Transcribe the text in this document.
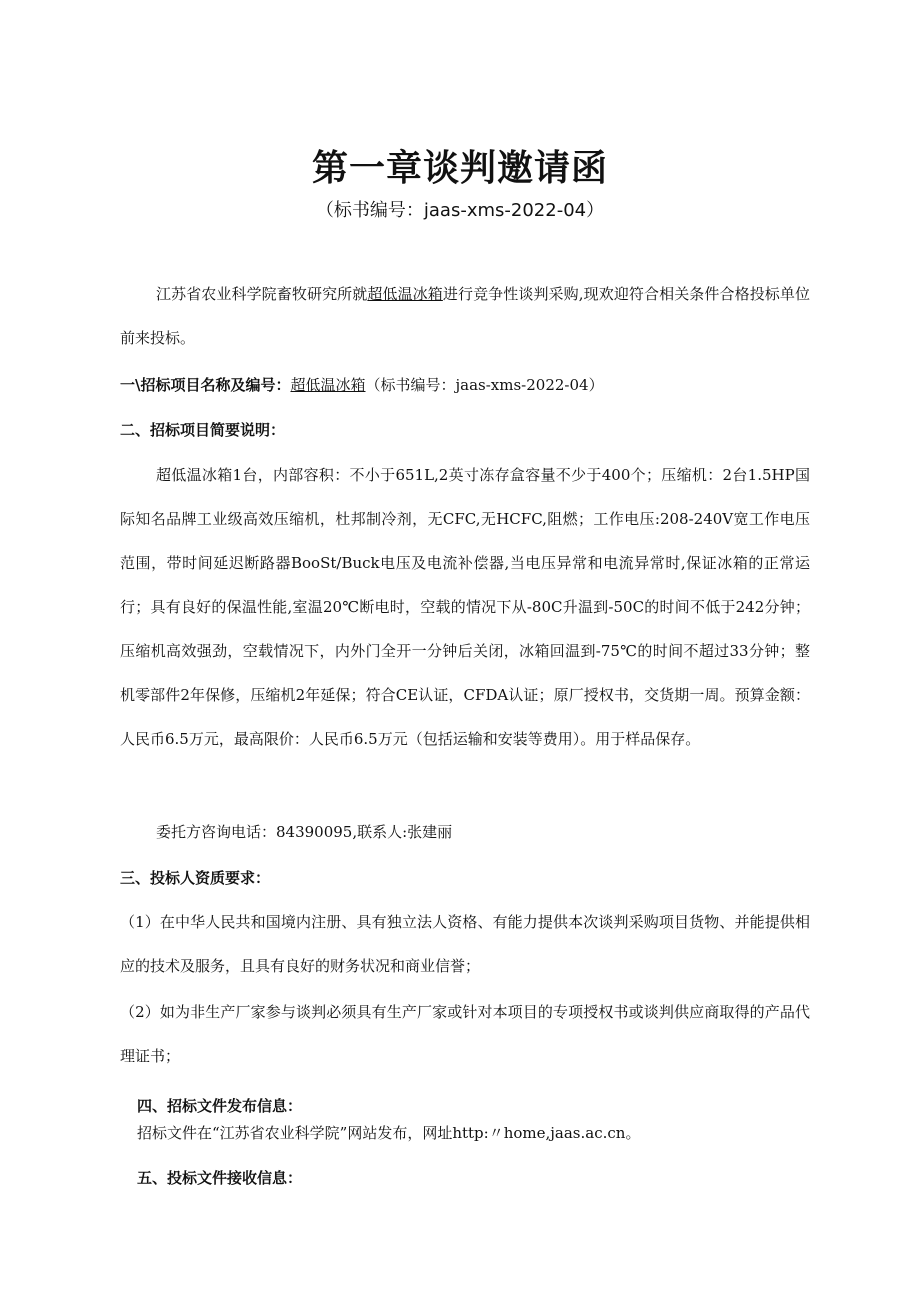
第一章谈判邀请函
（标书编号：jaas-xms-2022-04）
江苏省农业科学院畜牧研究所就超低温冰箱进行竞争性谈判采购,现欢迎符合相关条件合格投标单位前来投标。
一\招标项目名称及编号：超低温冰箱（标书编号：jaas-xms-2022-04）
二、招标项目简要说明：
超低温冰箱1台，内部容积：不小于651L,2英寸冻存盒容量不少于400个；压缩机：2台1.5HP国际知名品牌工业级高效压缩机，杜邦制冷剂，无CFC,无HCFC,阻燃；工作电压:208-240V宽工作电压范围，带时间延迟断路器BooSt/Buck电压及电流补偿器,当电压异常和电流异常时,保证冰箱的正常运行；具有良好的保温性能,室温20℃断电时，空载的情况下从-80C升温到-50C的时间不低于242分钟；压缩机高效强劲，空载情况下，内外门全开一分钟后关闭，冰箱回温到-75℃的时间不超过33分钟；整机零部件2年保修，压缩机2年延保；符合CE认证，CFDA认证；原厂授权书，交货期一周。预算金额：人民币6.5万元，最高限价：人民币6.5万元（包括运输和安装等费用）。用于样品保存。
委托方咨询电话：84390095,联系人:张建丽
三、投标人资质要求：
（1）在中华人民共和国境内注册、具有独立法人资格、有能力提供本次谈判采购项目货物、并能提供相应的技术及服务，且具有良好的财务状况和商业信誉；
（2）如为非生产厂家参与谈判必须具有生产厂家或针对本项目的专项授权书或谈判供应商取得的产品代理证书；
四、招标文件发布信息：
招标文件在“江苏省农业科学院”网站发布，网址http:〃home,jaas.ac.cn。
五、投标文件接收信息：
